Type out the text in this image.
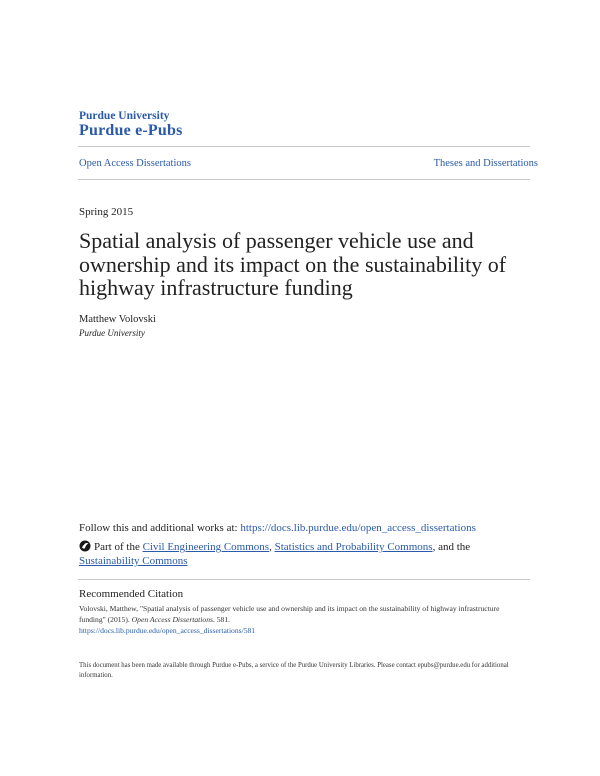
Purdue University
Purdue e-Pubs
Open Access Dissertations	Theses and Dissertations
Spring 2015
Spatial analysis of passenger vehicle use and
ownership and its impact on the sustainability of
highway infrastructure funding
Matthew Volovski
Purdue University
Follow this and additional works at: https://docs.lib.purdue.edu/open_access_dissertations
Part of the Civil Engineering Commons, Statistics and Probability Commons, and the
Sustainability Commons
Recommended Citation
Volovski, Matthew, "Spatial analysis of passenger vehicle use and ownership and its impact on the sustainability of highway infrastructure funding" (2015). Open Access Dissertations. 581.
https://docs.lib.purdue.edu/open_access_dissertations/581
This document has been made available through Purdue e-Pubs, a service of the Purdue University Libraries. Please contact epubs@purdue.edu for additional information.
